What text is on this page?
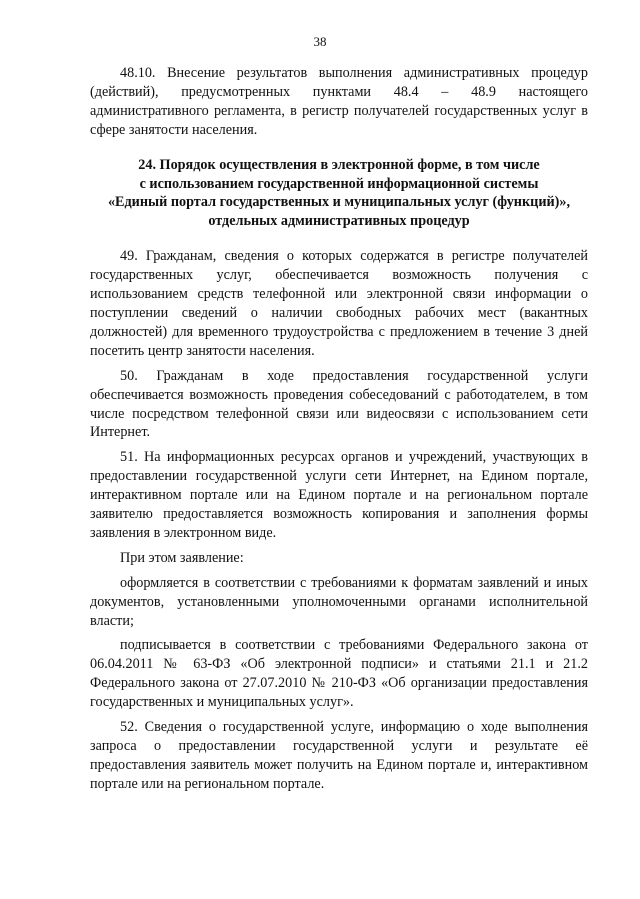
38

48.10. Внесение результатов выполнения административных процедур (действий), предусмотренных пунктами 48.4 – 48.9 настоящего административного регламента, в регистр получателей государственных услуг в сфере занятости населения.

24. Порядок осуществления в электронной форме, в том числе
с использованием государственной информационной системы
«Единый портал государственных и муниципальных услуг (функций)»,
отдельных административных процедур

49. Гражданам, сведения о которых содержатся в регистре получателей государственных услуг, обеспечивается возможность получения с использованием средств телефонной или электронной связи информации о поступлении сведений о наличии свободных рабочих мест (вакантных должностей) для временного трудоустройства с предложением в течение 3 дней посетить центр занятости населения.

50. Гражданам в ходе предоставления государственной услуги обеспечивается возможность проведения собеседований с работодателем, в том числе посредством телефонной связи или видеосвязи с использованием сети Интернет.

51. На информационных ресурсах органов и учреждений, участвующих в предоставлении государственной услуги сети Интернет, на Едином портале, интерактивном портале или на Едином портале и на региональном портале заявителю предоставляется возможность копирования и заполнения формы заявления в электронном виде.

При этом заявление:

оформляется в соответствии с требованиями к форматам заявлений и иных документов, установленными уполномоченными органами исполнительной власти;

подписывается в соответствии с требованиями Федерального закона от 06.04.2011 № 63-ФЗ «Об электронной подписи» и статьями 21.1 и 21.2 Федерального закона от 27.07.2010 № 210-ФЗ «Об организации предоставления государственных и муниципальных услуг».

52. Сведения о государственной услуге, информацию о ходе выполнения запроса о предоставлении государственной услуги и результате её предоставления заявитель может получить на Едином портале и, интерактивном портале или на региональном портале.
